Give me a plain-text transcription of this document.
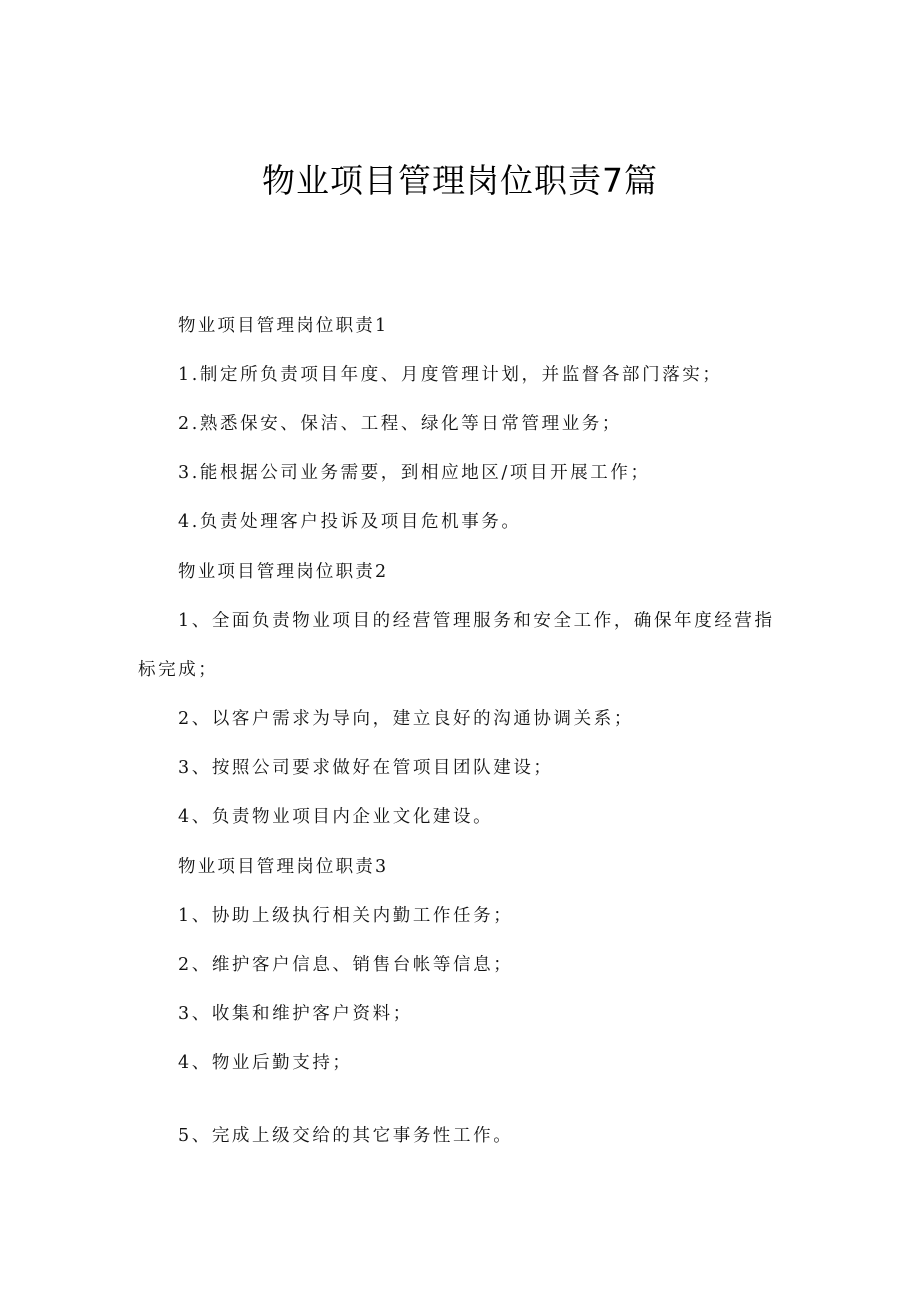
物业项目管理岗位职责7篇
物业项目管理岗位职责1
1.制定所负责项目年度、月度管理计划，并监督各部门落实；
2.熟悉保安、保洁、工程、绿化等日常管理业务；
3.能根据公司业务需要，到相应地区/项目开展工作；
4.负责处理客户投诉及项目危机事务。
物业项目管理岗位职责2
1、全面负责物业项目的经营管理服务和安全工作，确保年度经营指
标完成；
2、以客户需求为导向，建立良好的沟通协调关系；
3、按照公司要求做好在管项目团队建设；
4、负责物业项目内企业文化建设。
物业项目管理岗位职责3
1、协助上级执行相关内勤工作任务；
2、维护客户信息、销售台帐等信息；
3、收集和维护客户资料；
4、物业后勤支持；
5、完成上级交给的其它事务性工作。
